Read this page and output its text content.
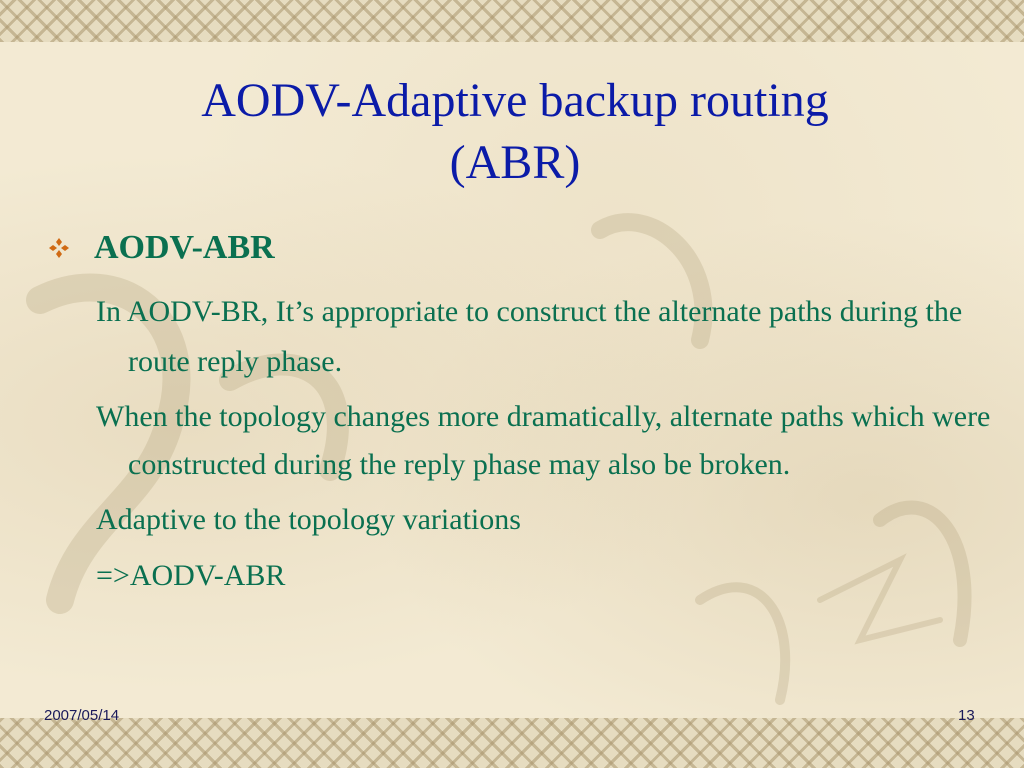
AODV-Adaptive backup routing
(ABR)
AODV-ABR

In AODV-BR, It’s appropriate to construct the alternate paths during the route reply phase.

When the topology changes more dramatically, alternate paths which were constructed during the reply phase may also be broken.

Adaptive to the topology variations

=>AODV-ABR

2007/05/14	13
